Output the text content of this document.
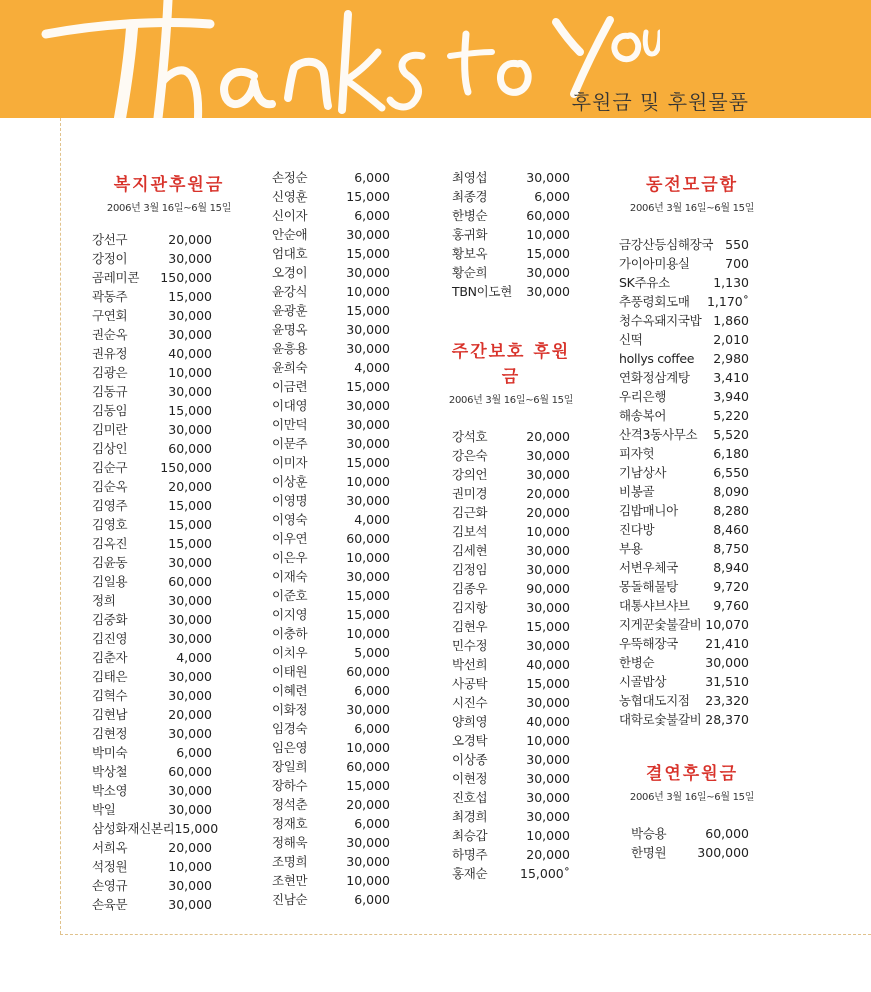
후원금 및 후원물품
복지관후원금
2006년 3월 16일~6월 15일
강선구	20,000
강정이	30,000
곰레미콘 150,000
곽동주	15,000
구연회	30,000
권순옥	30,000
권유정	40,000
김광은	10,000
김동규	30,000
김동임	15,000
김미란	30,000
김상인	60,000
김순구	150,000
김순옥	20,000
김영주	15,000
김영호	15,000
김옥진	15,000
김윤동	30,000
김일용	60,000
정희	30,000
김중화	30,000
김진영	30,000
김춘자	4,000
김태은	30,000
김혁수	30,000
김현남	20,000
김현정	30,000
박미숙	6,000
박상철	60,000
박소영	30,000
박일	30,000
삼성화재신본리 15,000
서희옥	20,000
석정원	10,000
손영규	30,000
손육문	30,000
손정순	6,000
신영훈	15,000
신이자	6,000
안순애	30,000
엄대호	15,000
오경이	30,000
윤강식	10,000
윤광훈	15,000
윤명옥	30,000
윤흥용	30,000
윤희숙	4,000
이금련	15,000
이대영	30,000
이만덕	30,000
이문주	30,000
이미자	15,000
이상훈	10,000
이영명	30,000
이영숙	4,000
이우연	60,000
이은우	10,000
이재숙	30,000
이준호	15,000
이지영	15,000
이충하	10,000
이치우	5,000
이태원	60,000
이혜련	6,000
이화정	30,000
임경숙	6,000
임은영	10,000
장일희	60,000
장하수	15,000
정석춘	20,000
정재호	6,000
정해욱	30,000
조명희	30,000
조현만	10,000
진남순	6,000
최영섭	30,000
최종경	6,000
한병순	60,000
홍귀화	10,000
황보옥	15,000
황순희	30,000
TBN이도현 30,000
주간보호 후원금
2006년 3월 16일~6월 15일
강석호	20,000
강은숙	30,000
강의언	30,000
권미경	20,000
김근화	20,000
김보석	10,000
김세현	30,000
김정임	30,000
김종우	90,000
김지항	30,000
김현우	15,000
민수정	30,000
박선희	40,000
사공탁	15,000
시진수	30,000
양희영	40,000
오경탁	10,000
이상종	30,000
이현정	30,000
진호섭	30,000
최경희	30,000
최승갑	10,000
하명주	20,000
홍재순	15,000˚
동전모금함
2006년 3월 16일~6월 15일
금강산등심해장국 550
가이아미용실	700
SK주유소	1,130
추풍령회도매 1,170˚
청수옥돼지국밥 1,860
신떡	2,010
hollys coffee 2,980
연화정삼계탕 3,410
우리은행	3,940
해송복어	5,220
산격3동사무소 5,520
피자헛	6,180
기남상사	6,550
비봉골	8,090
김밥매니아	8,280
진다방	8,460
부용	8,750
서변우체국	8,940
몽돌해물탕	9,720
대통샤브샤브 9,760
지게꾼숯불갈비 10,070
우뚝해장국 21,410
한병순	30,000
시골밥상	31,510
농협대도지점 23,320
대학로숯불갈비 28,370
결연후원금
2006년 3월 16일~6월 15일
박승용	60,000
한명원 300,000
